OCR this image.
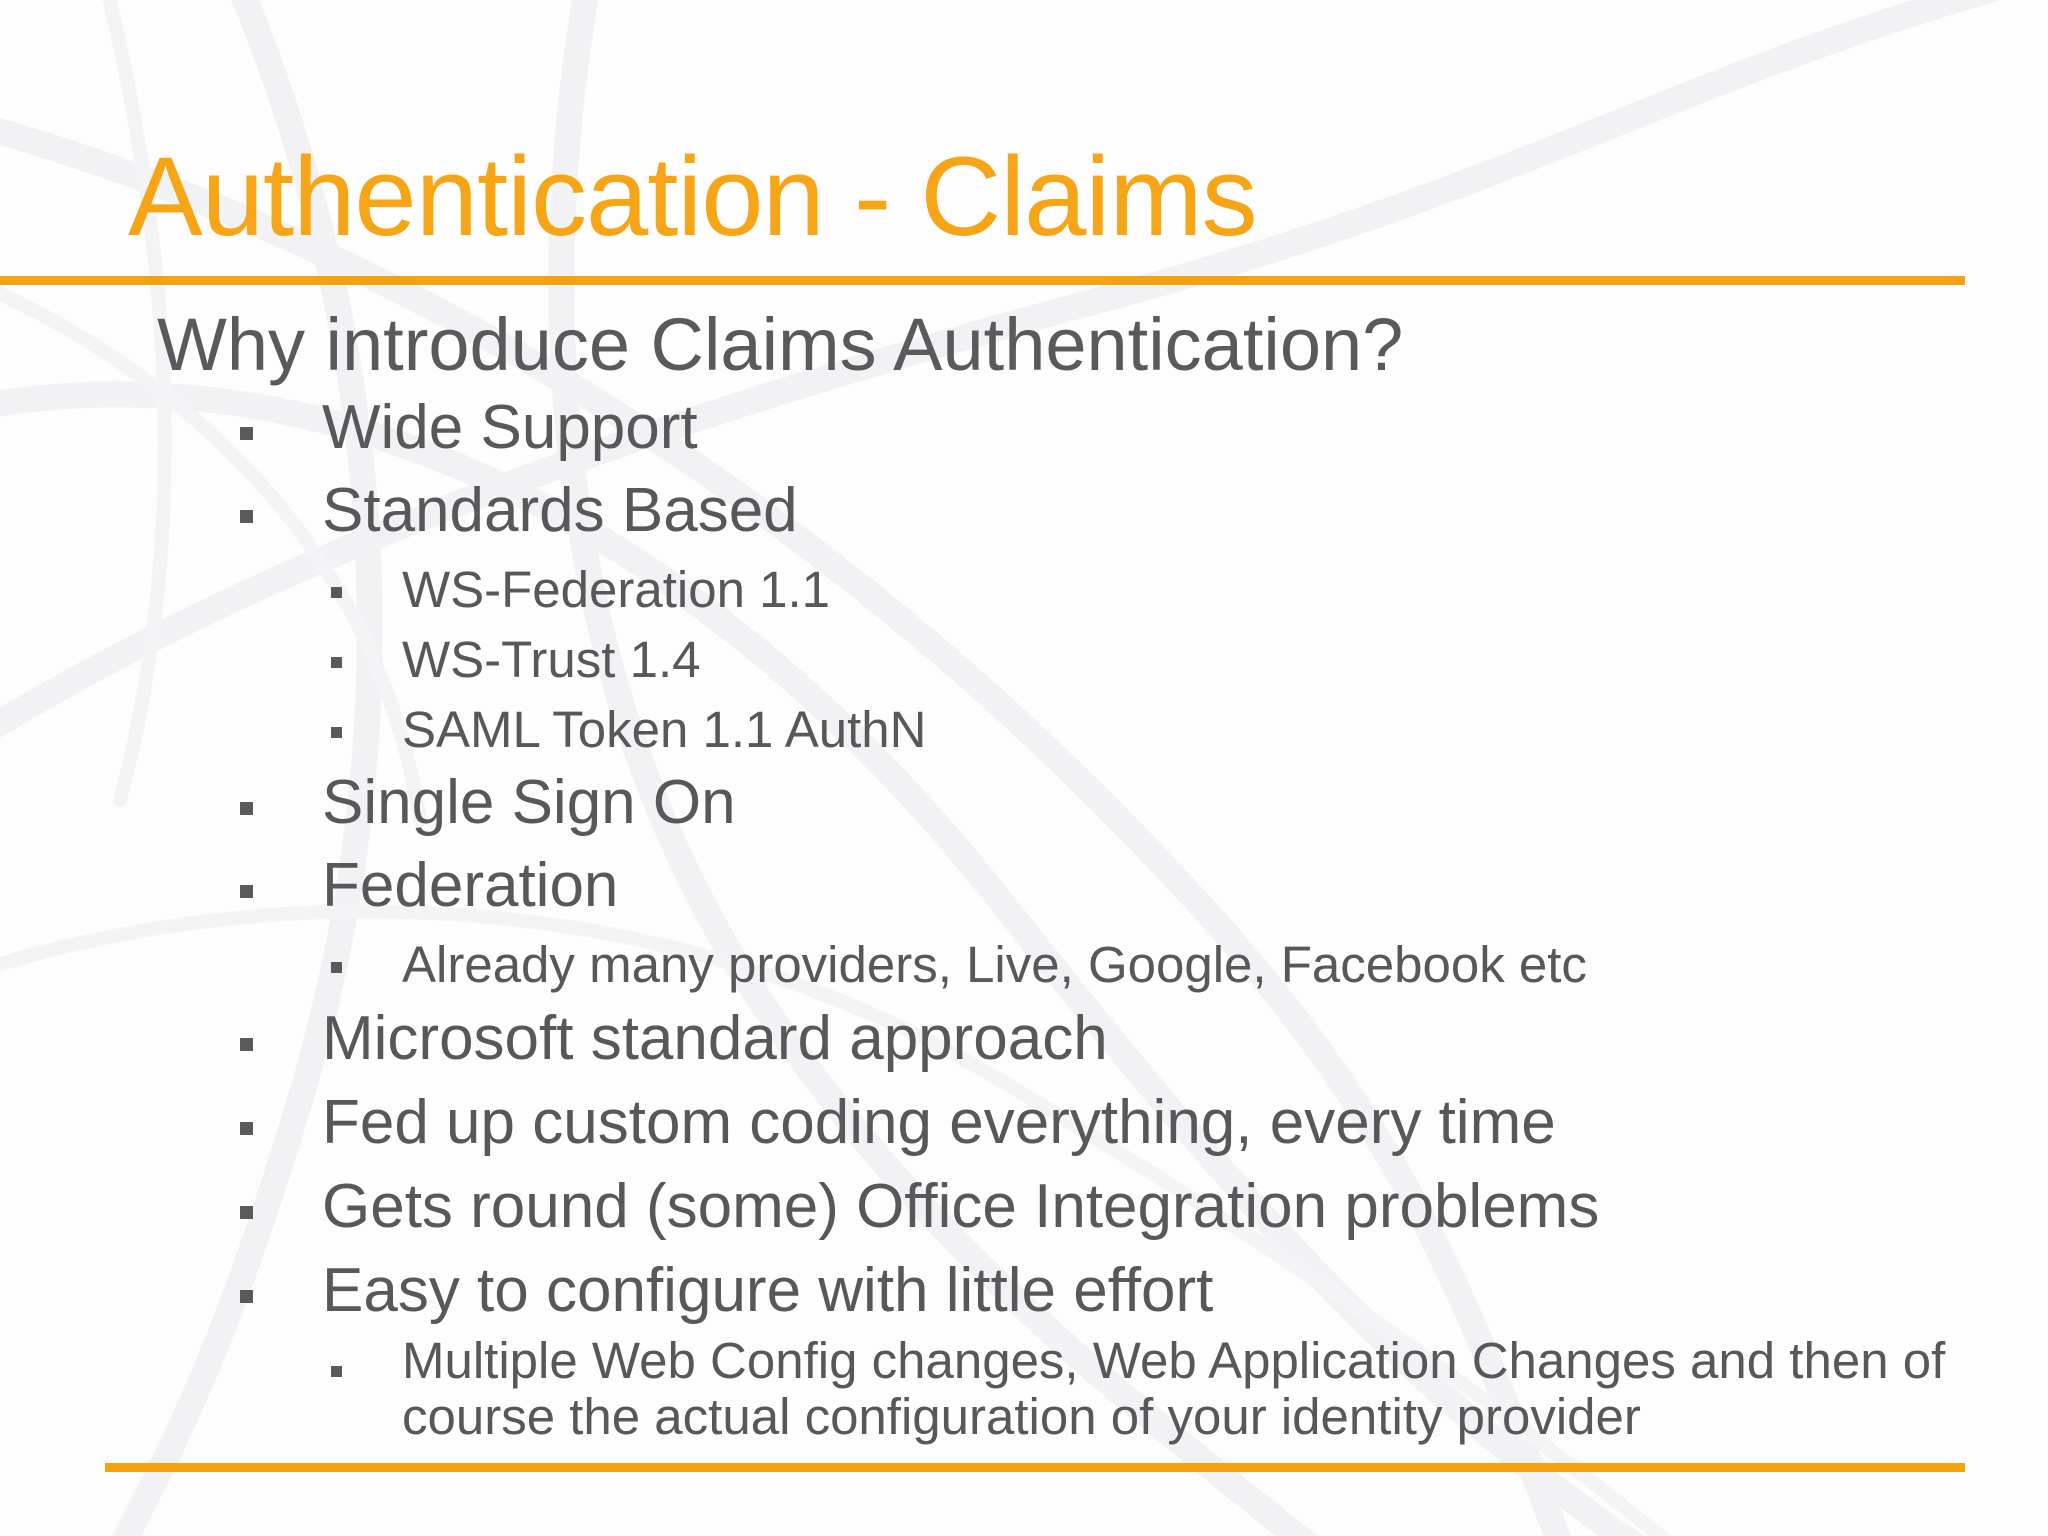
Authentication - Claims
Why introduce Claims Authentication?
Wide Support
Standards Based
WS-Federation 1.1
WS-Trust 1.4
SAML Token 1.1 AuthN
Single Sign On
Federation
Already many providers, Live, Google, Facebook etc
Microsoft standard approach
Fed up custom coding everything, every time
Gets round (some) Office Integration problems
Easy to configure with little effort
Multiple Web Config changes, Web Application Changes and then of course the actual configuration of your identity provider
